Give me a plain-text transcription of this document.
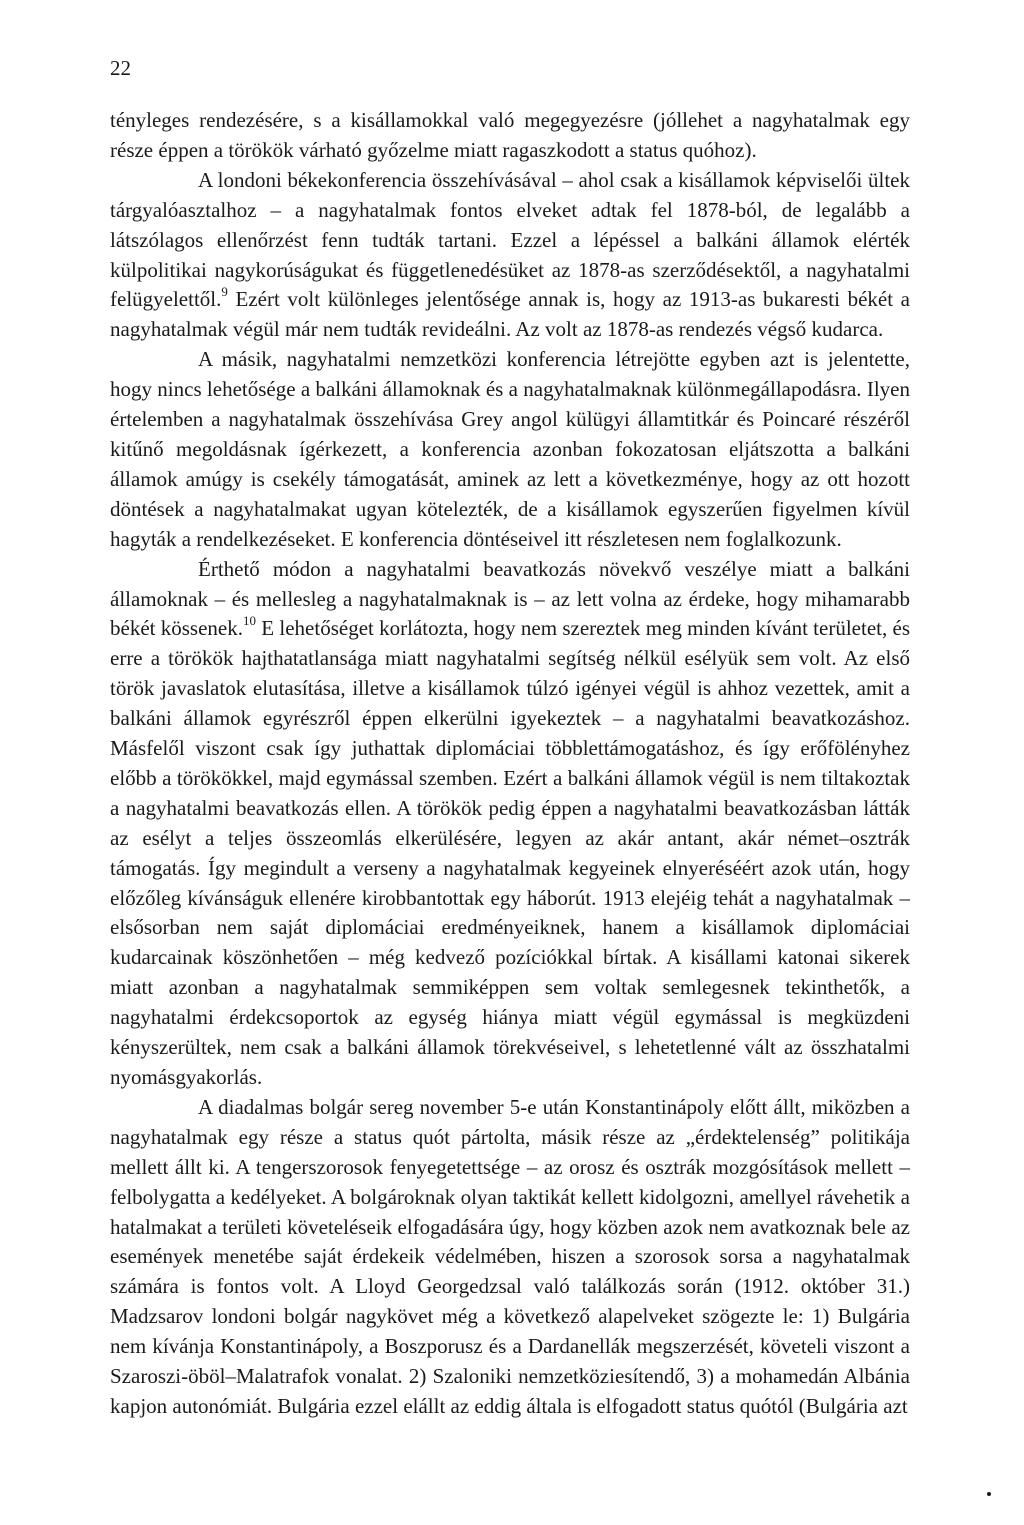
22

tényleges rendezésére, s a kisállamokkal való megegyezésre (jóllehet a nagyhatalmak egy része éppen a törökök várható győzelme miatt ragaszkodott a status quóhoz).

A londoni békekonferencia összehívásával – ahol csak a kisállamok képviselői ültek tárgyalóasztalhoz – a nagyhatalmak fontos elveket adtak fel 1878-ból, de legalább a látszólagos ellenőrzést fenn tudták tartani. Ezzel a lépéssel a balkáni államok elérték külpolitikai nagykorúságukat és függetlenedésüket az 1878-as szerződésektől, a nagyhatalmi felügyelettől.$^9$ Ezért volt különleges jelentősége annak is, hogy az 1913-as bukaresti békét a nagyhatalmak végül már nem tudták revideálni. Az volt az 1878-as rendezés végső kudarca.

A másik, nagyhatalmi nemzetközi konferencia létrejötte egyben azt is jelentette, hogy nincs lehetősége a balkáni államoknak és a nagyhatalmaknak különmegállapodásra. Ilyen értelemben a nagyhatalmak összehívása Grey angol külügyi államtitkár és Poincaré részéről kitűnő megoldásnak ígérkezett, a konferencia azonban fokozatosan eljátszotta a balkáni államok amúgy is csekély támogatását, aminek az lett a következménye, hogy az ott hozott döntések a nagyhatalmakat ugyan kötelezték, de a kisállamok egyszerűen figyelmen kívül hagyták a rendelkezéseket. E konferencia döntéseivel itt részletesen nem foglalkozunk.

Érthető módon a nagyhatalmi beavatkozás növekvő veszélye miatt a balkáni államoknak – és mellesleg a nagyhatalmaknak is – az lett volna az érdeke, hogy mihamarabb békét kössenek.$^{10}$ E lehetőséget korlátozta, hogy nem szereztek meg minden kívánt területet, és erre a törökök hajthatatlansága miatt nagyhatalmi segítség nélkül esélyük sem volt. Az első török javaslatok elutasítása, illetve a kisállamok túlzó igényei végül is ahhoz vezettek, amit a balkáni államok egyrészről éppen elkerülni igyekeztek – a nagyhatalmi beavatkozáshoz. Másfelől viszont csak így juthattak diplomáciai többlettámogatáshoz, és így erőfölényhez előbb a törökökkel, majd egymással szemben. Ezért a balkáni államok végül is nem tiltakoztak a nagyhatalmi beavatkozás ellen. A törökök pedig éppen a nagyhatalmi beavatkozásban látták az esélyt a teljes összeomlás elkerülésére, legyen az akár antant, akár német–osztrák támogatás. Így megindult a verseny a nagyhatalmak kegyeinek elnyeréséért azok után, hogy előzőleg kívánságuk ellenére kirobbantottak egy háborút. 1913 elejéig tehát a nagyhatalmak – elsősorban nem saját diplomáciai eredményeiknek, hanem a kisállamok diplomáciai kudarcainak köszönhetően – még kedvező pozíciókkal bírtak. A kisállami katonai sikerek miatt azonban a nagyhatalmak semmiképpen sem voltak semlegesnek tekinthetők, a nagyhatalmi érdekcsoportok az egység hiánya miatt végül egymással is megküzdeni kényszerültek, nem csak a balkáni államok törekvéseivel, s lehetetlenné vált az összhatalmi nyomásgyakorlás.

A diadalmas bolgár sereg november 5-e után Konstantinápoly előtt állt, miközben a nagyhatalmak egy része a status quót pártolta, másik része az „érdektelenség” politikája mellett állt ki. A tengerszorosok fenyegetettsége – az orosz és osztrák mozgósítások mellett – felbolygatta a kedélyeket. A bolgároknak olyan taktikát kellett kidolgozni, amellyel rávehetik a hatalmakat a területi követeléseik elfogadására úgy, hogy közben azok nem avatkoznak bele az események menetébe saját érdekeik védelmében, hiszen a szorosok sorsa a nagyhatalmak számára is fontos volt. A Lloyd Georgedzsal való találkozás során (1912. október 31.) Madzsarov londoni bolgár nagykövet még a következő alapelveket szögezte le: 1) Bulgária nem kívánja Konstantinápoly, a Boszporusz és a Dardanellák megszerzését, követeli viszont a Szaroszi-öböl–Malatrafok vonalat. 2) Szaloniki nemzetköziesítendő, 3) a mohamedán Albánia kapjon autonómiát. Bulgária ezzel elállt az eddig általa is elfogadott status quótól (Bulgária azt
